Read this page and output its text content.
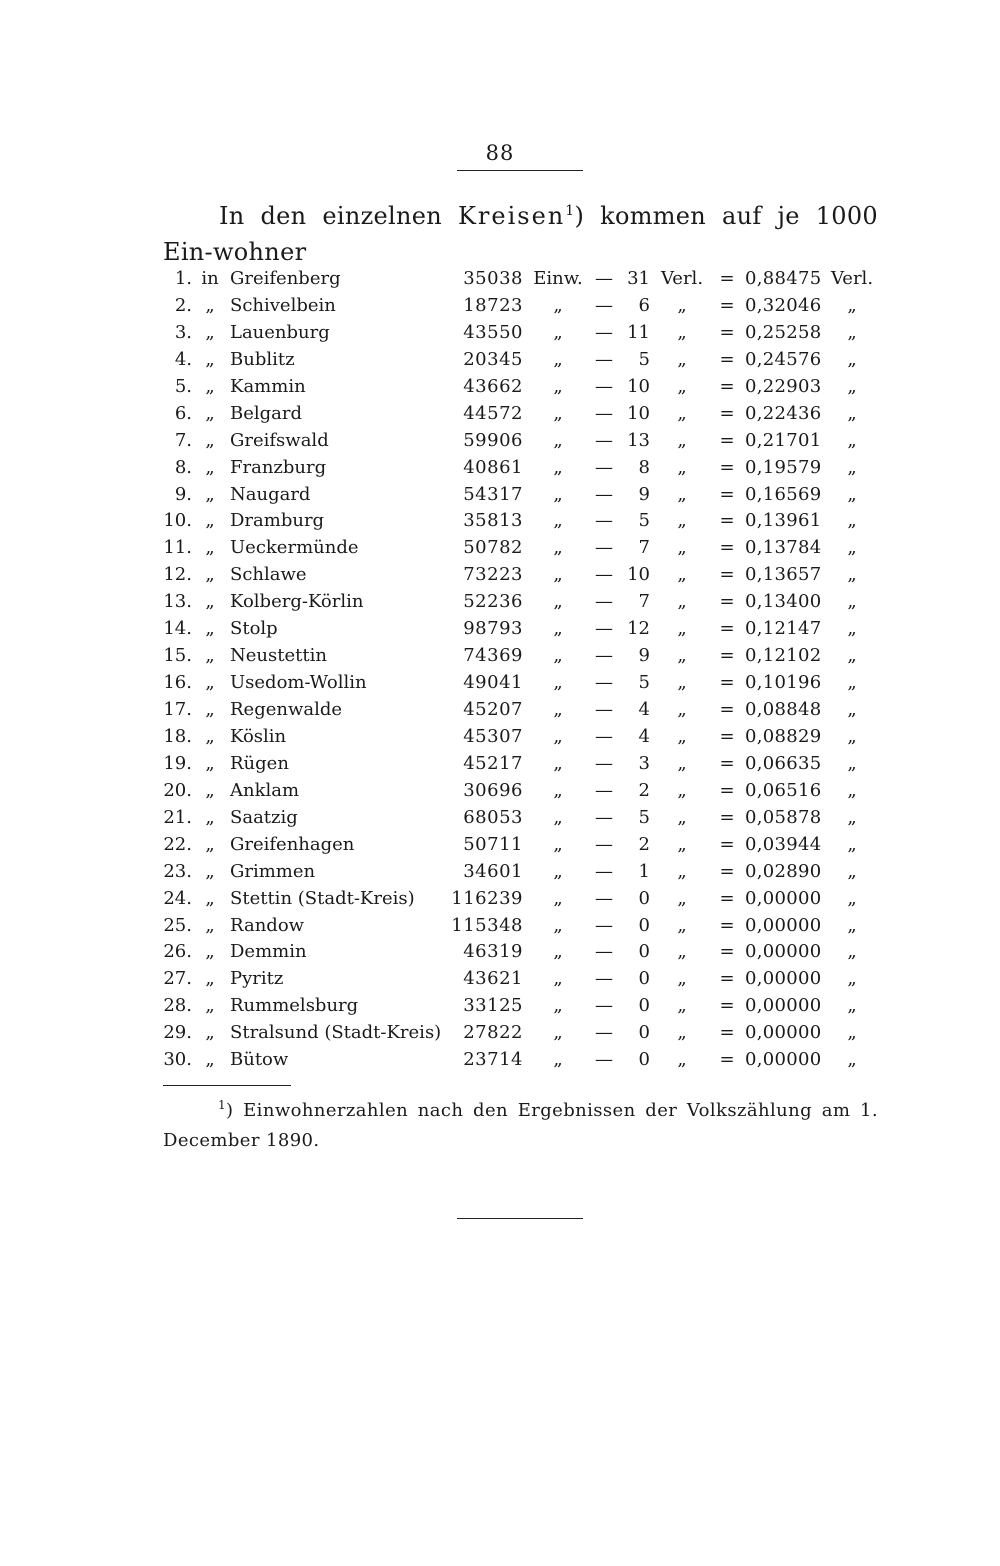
88

In den einzelnen Kreisen$^1$) kommen auf je 1000 Ein-wohner

1. in Greifenberg	35038 Einw. — 31 Verl. = 0,88475 Verl.
2. „ Schivelbein	18723	„	—	6	„	= 0,32046	„
3. „ Lauenburg	43550	„	— 11	„	= 0,25258	„
4. „ Bublitz	20345	„	—	5	„	= 0,24576	„
5. „ Kammin	43662	„	— 10	„	= 0,22903	„
6. „ Belgard	44572	„	— 10	„	= 0,22436	„
7. „ Greifswald	59906	„	— 13	„	= 0,21701	„
8. „ Franzburg	40861	„	—	8	„	= 0,19579	„
9. „ Naugard	54317	„	—	9	„	= 0,16569	„
10. „ Dramburg	35813	„	—	5	„	= 0,13961	„
11. „ Ueckermünde	50782	„	—	7	„	= 0,13784	„
12. „ Schlawe	73223	„	— 10	„	= 0,13657	„
13. „ Kolberg-Körlin	52236	„	—	7	„	= 0,13400	„
14. „ Stolp	98793	„	— 12	„	= 0,12147	„
15. „ Neustettin	74369	„	—	9	„	= 0,12102	„
16. „ Usedom-Wollin	49041	„	—	5	„	= 0,10196	„
17. „ Regenwalde	45207	„	—	4	„	= 0,08848	„
18. „ Köslin	45307	„	—	4	„	= 0,08829	„
19. „ Rügen	45217	„	—	3	„	= 0,06635	„
20. „ Anklam	30696	„	—	2	„	= 0,06516	„
21. „ Saatzig	68053	„	—	5	„	= 0,05878	„
22. „ Greifenhagen	50711	„	—	2	„	= 0,03944	„
23. „ Grimmen	34601	„	—	1	„	= 0,02890	„
24. „ Stettin (Stadt-Kreis)	116239	„	—	0	„	= 0,00000	„
25. „ Randow	115348	„	—	0	„	= 0,00000	„
26. „ Demmin	46319	„	—	0	„	= 0,00000	„
27. „ Pyritz	43621	„	—	0	„	= 0,00000	„
28. „ Rummelsburg	33125	„	—	0	„	= 0,00000	„
29. „ Stralsund (Stadt-Kreis)	27822	„	—	0	„	= 0,00000	„
30. „ Bütow	23714	„	—	0	„	= 0,00000	„

$^1$) Einwohnerzahlen nach den Ergebnissen der Volkszählung am 1. December 1890.
